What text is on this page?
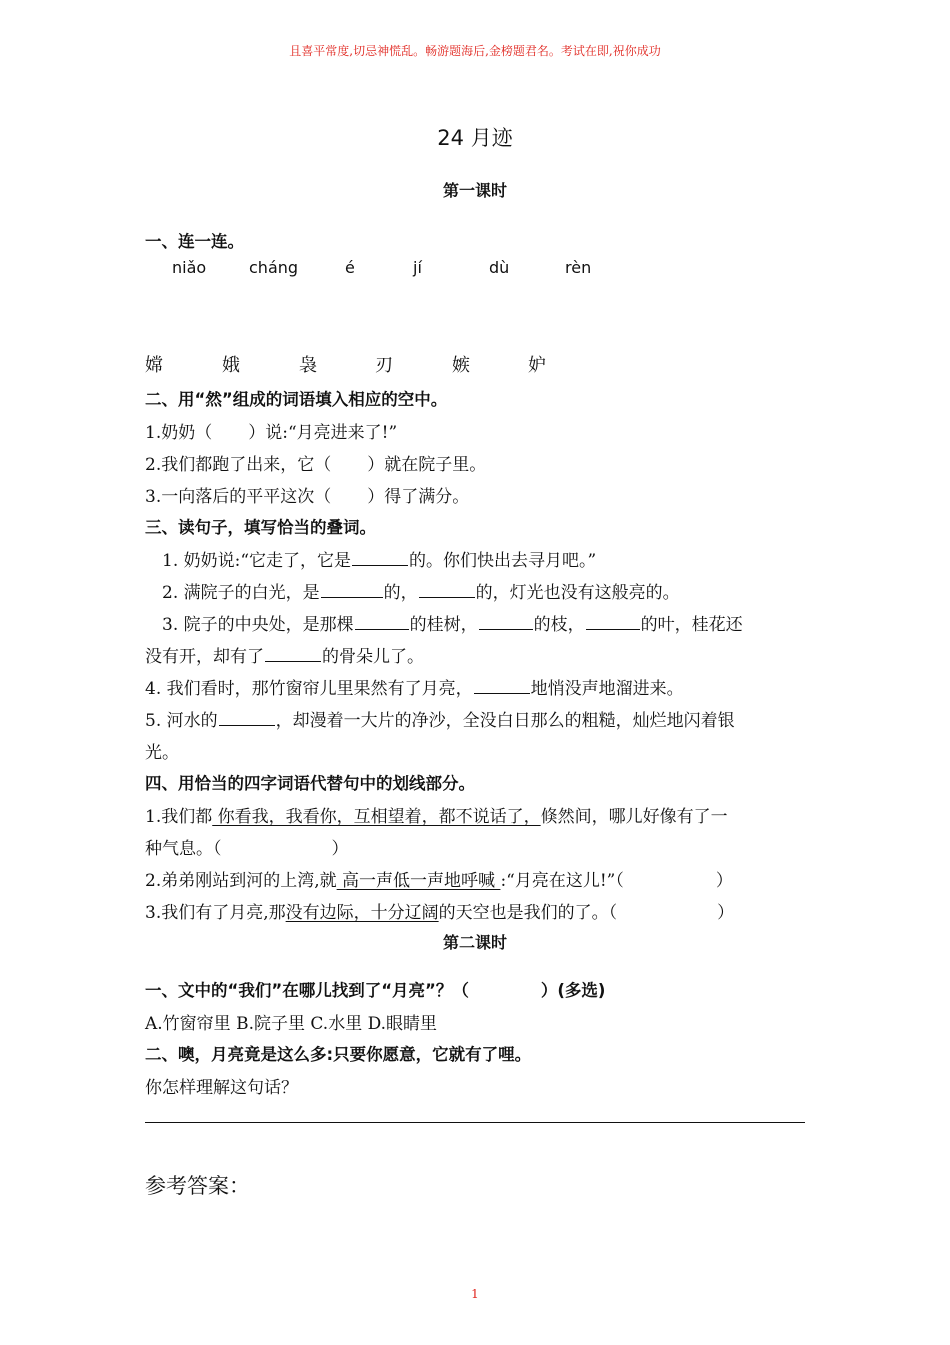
且喜平常度,切忌神慌乱。畅游题海后,金榜题君名。考试在即,祝你成功
24 月迹
第一课时
一、连一连。
niǎo	cháng	é	jí	dù	rèn
嫦	娥	袅	刃	嫉	妒
二、用“然”组成的词语填入相应的空中。
1.奶奶（ ）说:“月亮进来了!”
2.我们都跑了出来，它（ ）就在院子里。
3.一向落后的平平这次（ ）得了满分。
三、读句子，填写恰当的叠词。
1. 奶奶说:“它走了，它是	的。你们快出去寻月吧。”
2. 满院子的白光，是	的，	的，灯光也没有这般亮的。
3. 院子的中央处，是那棵	的桂树，	的枝，	的叶，桂花还
没有开，却有了	的骨朵儿了。
4. 我们看时，那竹窗帘儿里果然有了月亮，	地悄没声地溜进来。
5. 河水的	，却漫着一大片的净沙，全没白日那么的粗糙，灿烂地闪着银
光。
四、用恰当的四字词语代替句中的划线部分。
1.我们都 你看我，我看你，互相望着，都不说话了，倏然间，哪儿好像有了一
种气息。（	）
2.弟弟刚站到河的上湾,就 高一声低一声地呼喊 :“月亮在这儿!”（	）
3.我们有了月亮,那没有边际，十分辽阔的天空也是我们的了。（	）
第二课时
一、文中的“我们”在哪儿找到了“月亮”？（	）(多选)
A.竹窗帘里 B.院子里 C.水里 D.眼睛里
二、噢，月亮竟是这么多:只要你愿意，它就有了哩。
你怎样理解这句话？
参考答案：
1
